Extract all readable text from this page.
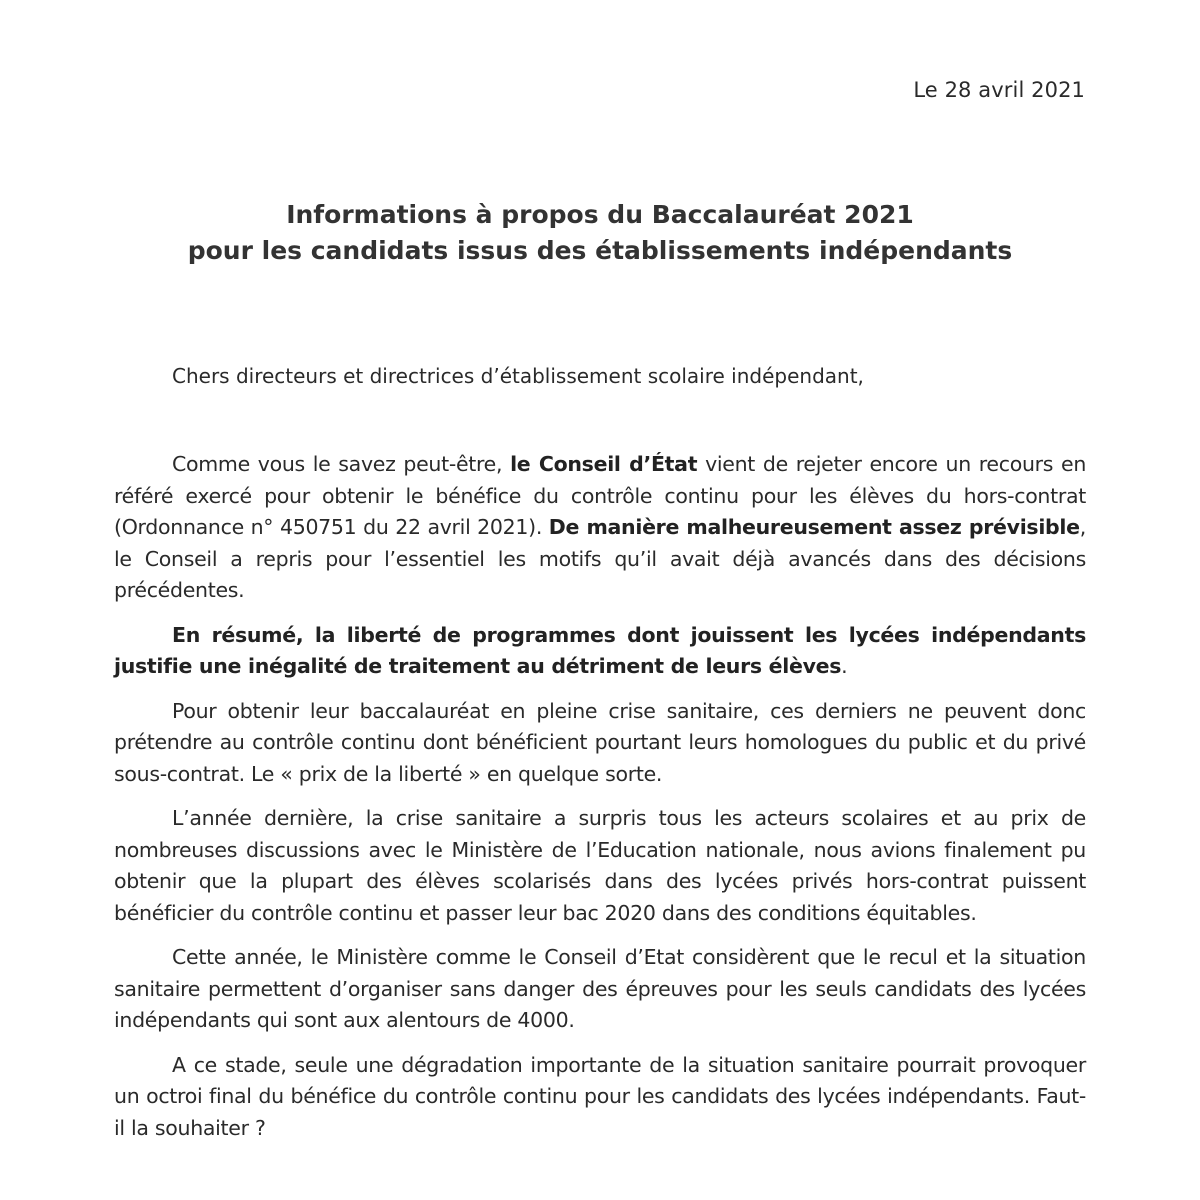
Le 28 avril 2021
Informations à propos du Baccalauréat 2021
pour les candidats issus des établissements indépendants
Chers directeurs et directrices d’établissement scolaire indépendant,

Comme vous le savez peut-être, le Conseil d’État vient de rejeter encore un recours en référé exercé pour obtenir le bénéfice du contrôle continu pour les élèves du hors-contrat (Ordonnance n° 450751 du 22 avril 2021). De manière malheureusement assez prévisible, le Conseil a repris pour l’essentiel les motifs qu’il avait déjà avancés dans des décisions précédentes.

En résumé, la liberté de programmes dont jouissent les lycées indépendants justifie une inégalité de traitement au détriment de leurs élèves.

Pour obtenir leur baccalauréat en pleine crise sanitaire, ces derniers ne peuvent donc prétendre au contrôle continu dont bénéficient pourtant leurs homologues du public et du privé sous-contrat. Le « prix de la liberté » en quelque sorte.

L’année dernière, la crise sanitaire a surpris tous les acteurs scolaires et au prix de nombreuses discussions avec le Ministère de l’Education nationale, nous avions finalement pu obtenir que la plupart des élèves scolarisés dans des lycées privés hors-contrat puissent bénéficier du contrôle continu et passer leur bac 2020 dans des conditions équitables.

Cette année, le Ministère comme le Conseil d’Etat considèrent que le recul et la situation sanitaire permettent d’organiser sans danger des épreuves pour les seuls candidats des lycées indépendants qui sont aux alentours de 4000.

A ce stade, seule une dégradation importante de la situation sanitaire pourrait provoquer un octroi final du bénéfice du contrôle continu pour les candidats des lycées indépendants. Faut-il la souhaiter ?
